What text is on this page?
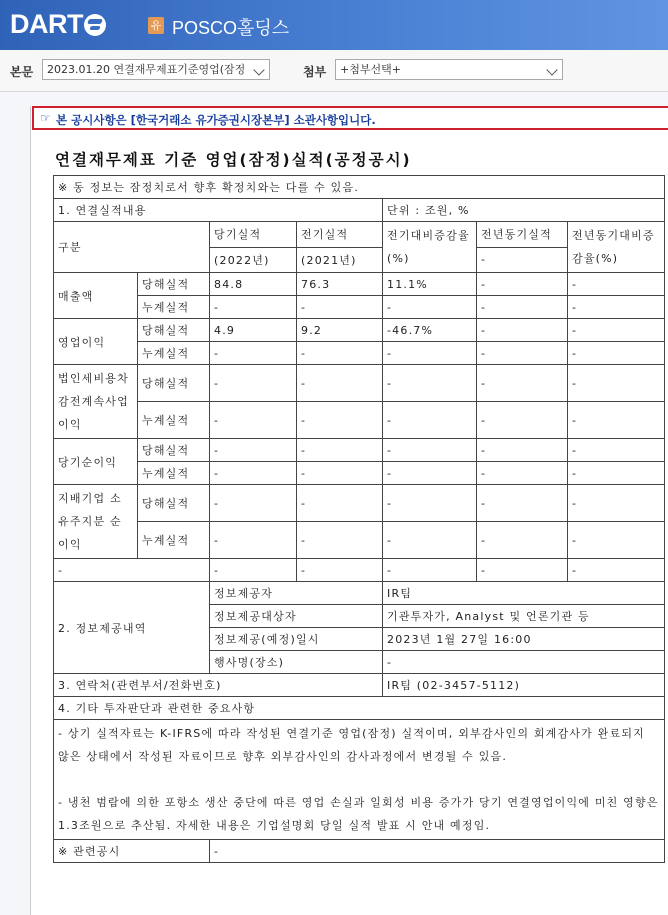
DART	유 POSCO홀딩스
본문	2023.01.20 연결재무제표기준영업(잠정	첨부	+첨부선택+
☞ 본 공시사항은 [한국거래소 유가증권시장본부] 소관사항입니다.
연결재무제표 기준 영업(잠정)실적(공정공시)
※ 동 정보는 잠정치로서 향후 확정치와는 다를 수 있음.						
1. 연결실적내용				단위 : 조원, %		
구분		당기실적	전기실적	전기대비증감율(%)	전년동기실적	전년동기대비증감율(%)
		(2022년)	(2021년)		-	
매출액	당해실적	84.8	76.3	11.1%	-	-
	누계실적	-	-	-	-	-
영업이익	당해실적	4.9	9.2	-46.7%	-	-
	누계실적	-	-	-	-	-
법인세비용차감전계속사업이익	당해실적	-	-	-	-	-
	누계실적	-	-	-	-	-
당기순이익	당해실적	-	-	-	-	-
	누계실적	-	-	-	-	-
지배기업 소유주지분 순이익	당해실적	-	-	-	-	-
	누계실적	-	-	-	-	-
-		-	-	-	-	-
2. 정보제공내역		정보제공자		IR팀		
		정보제공대상자		기관투자가, Analyst 및 언론기관 등		
		정보제공(예정)일시		2023년 1월 27일 16:00		
		행사명(장소)		-		
3. 연락처(관련부서/전화번호)				IR팀 (02-3457-5112)		
4. 기타 투자판단과 관련한 중요사항						

- 상기 실적자료는 K-IFRS에 따라 작성된 연결기준 영업(잠정) 실적이며, 외부감사인의 회계감사가 완료되지 않은 상태에서 작성된 자료이므로 향후 외부감사인의 감사과정에서 변경될 수 있음.
- 냉천 범람에 의한 포항소 생산 중단에 따른 영업 손실과 일회성 비용 증가가 당기 연결영업이익에 미친 영향은 1.3조원으로 추산됨. 자세한 내용은 기업설명회 당일 실적 발표 시 안내 예정임.						

※ 관련공시		-				
